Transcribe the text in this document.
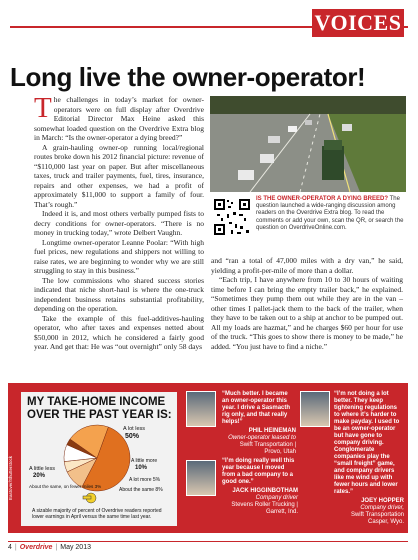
VOICES
Long live the owner-operator!

The challenges in today’s market for owner-operators were on full display after Overdrive Editorial Director Max Heine asked this somewhat loaded question on the Overdrive Extra blog in March: “Is the owner-operator a dying breed?”

A grain-hauling owner-op running local/regional routes broke down his 2012 financial picture: revenue of “$110,000 last year on paper. But after miscellaneous taxes, truck and trailer payments, fuel, tires, insurance, repairs and other expenses, we had a profit of approximately $11,000 to support a family of four. That’s rough.”

Indeed it is, and most others verbally pumped fists to decry conditions for owner-operators. “There is no money in trucking today,” wrote Delbert Vaughn.

Longtime owner-operator Leanne Poolar: “With high fuel prices, new regulations and shippers not willing to raise rates, we are beginning to wonder why we are still struggling to stay in this business.”

The low commissions who shared success stories indicated that niche short-haul is where the one-truck independent business retains substantial profitability, depending on the operation.

Take the example of this fuel-additives-hauling operator, who after taxes and expenses netted about $50,000 in 2012, which he considered a fairly good year. And get that: He was “out overnight” only 58 days

IS THE OWNER-OPERATOR A DYING BREED? The question launched a wide-ranging discussion among readers on the Overdrive Extra blog. To read the comments or add your own, scan the QR, or search the question on OverdriveOnline.com.

and “ran a total of 47,000 miles with a dry van,” he said, yielding a profit-per-mile of more than a dollar.

“Each trip, I have anywhere from 10 to 30 hours of waiting time before I can bring the empty trailer back,” he explained. “Sometimes they pump them out while they are in the van – other times I pallet-jack them to the back of the trailer, when they have to be taken out to a ship at anchor to be pumped out. All my loads are hazmat,” and he charges $60 per hour for use of the truck. “This goes to show there is money to be made,” he added. “You just have to find a niche.”

MY TAKE-HOME INCOME OVER THE PAST YEAR IS:
Eastover/Shutterstock
A lot less
50%
A little more
10%
A lot more 5%
About the same 8%
A little less
20%
About the same, on fewer miles 3%
A sizable majority of percent of Overdrive readers reported lower earnings in April versus the same time last year.
“Much better. I became an owner-operator this year. I drive a Sasmacth rig only, and that really helps!”
PHIL HEINEMAN
Owner-operator leased to
Swift Transportation | Provo, Utah
“I’m not doing a lot better. They keep tightening regulations to where it’s harder to make payday. I used to be an owner-operator but have gone to company driving. Conglomerate companies play the “small freight” game, and company drivers like me wind up with fewer hours and lower rates.”
JOEY HOPPER
Company driver,
Swift Transportation
Casper, Wyo.
“I’m doing really well this year because I moved from a bad company to a good one.”
JACK HIGGINBOTHAM
Company driver
Stevens Roller Trucking | Garrett, Ind.
4 | Overdrive | May 2013
